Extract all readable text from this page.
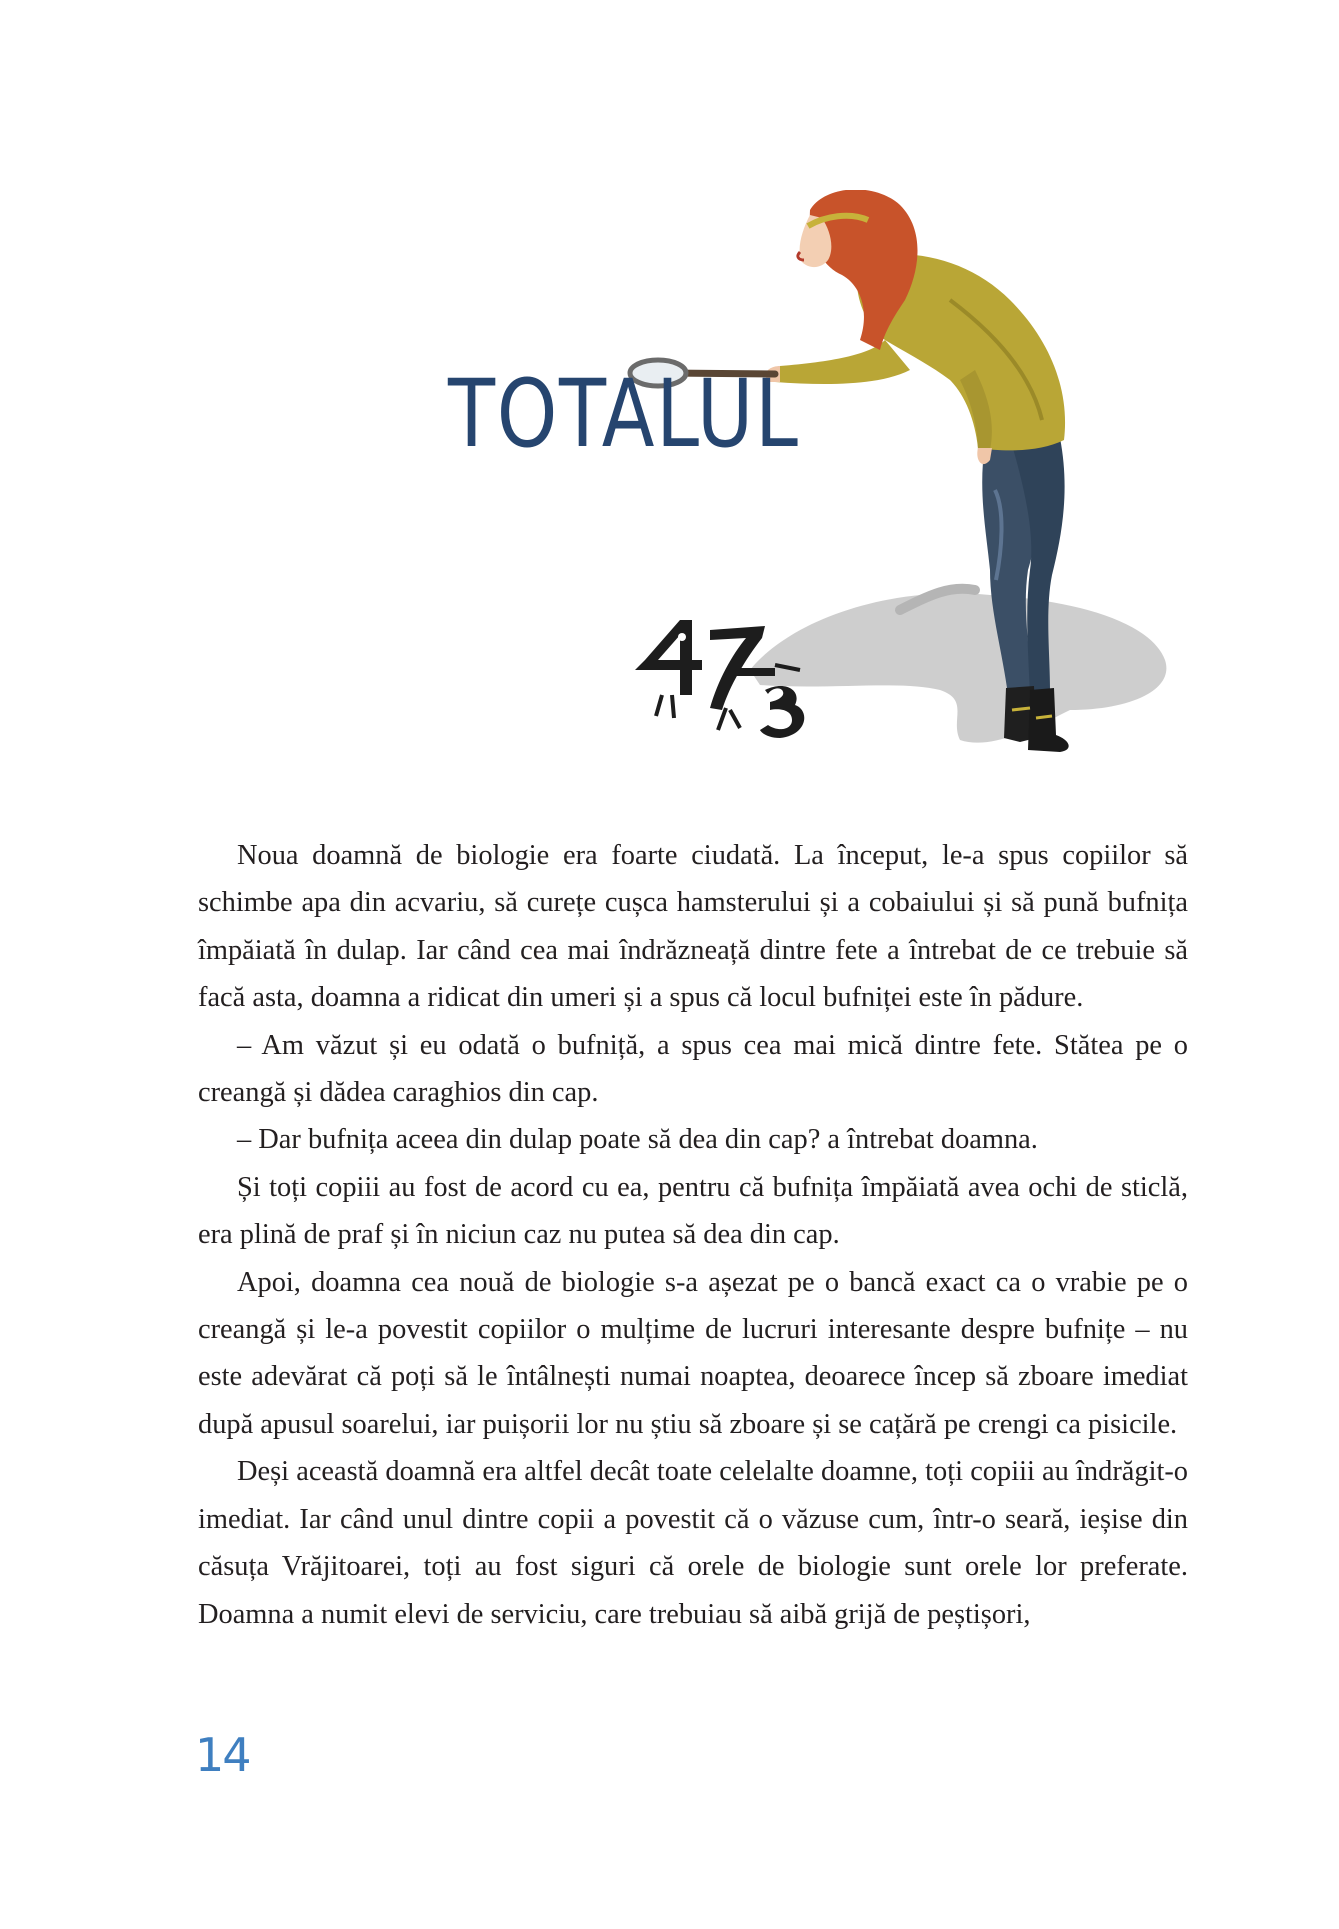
TOTALUL

Noua doamnă de biologie era foarte ciudată. La început, le-a spus copiilor să schimbe apa din acvariu, să curețe cușca hamsterului și a cobaiului și să pună bufnița împăiată în dulap. Iar când cea mai îndrăzneață dintre fete a întrebat de ce trebuie să facă asta, doamna a ridicat din umeri și a spus că locul bufniței este în pădure.

– Am văzut și eu odată o bufniță, a spus cea mai mică dintre fete. Stătea pe o creangă și dădea caraghios din cap.

– Dar bufnița aceea din dulap poate să dea din cap? a întrebat doamna.

Și toți copiii au fost de acord cu ea, pentru că bufnița împăiată avea ochi de sticlă, era plină de praf și în niciun caz nu putea să dea din cap.

Apoi, doamna cea nouă de biologie s-a așezat pe o bancă exact ca o vrabie pe o creangă și le-a povestit copiilor o mulțime de lucruri interesante despre bufnițe – nu este adevărat că poți să le întâlnești numai noaptea, deoarece încep să zboare imediat după apusul soarelui, iar puișorii lor nu știu să zboare și se cațără pe crengi ca pisicile.

Deși această doamnă era altfel decât toate celelalte doamne, toți copiii au îndrăgit-o imediat. Iar când unul dintre copii a povestit că o văzuse cum, într-o seară, ieșise din căsuța Vrăjitoarei, toți au fost siguri că orele de biologie sunt orele lor preferate. Doamna a numit elevi de serviciu, care trebuiau să aibă grijă de peștișori,

14
